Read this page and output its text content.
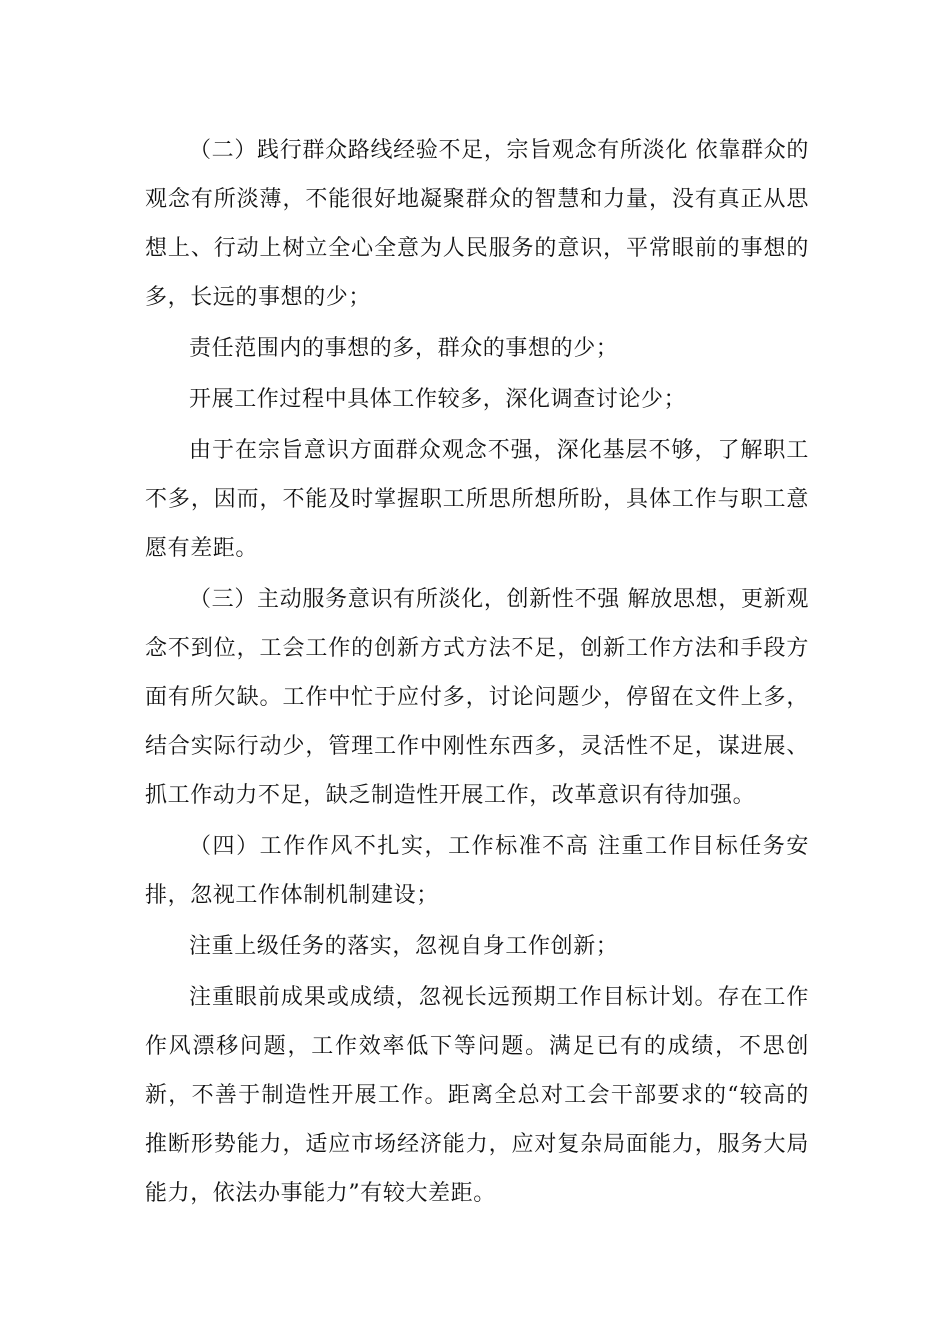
（二）践行群众路线经验不足，宗旨观念有所淡化 依靠群众的观念有所淡薄，不能很好地凝聚群众的智慧和力量，没有真正从思想上、行动上树立全心全意为人民服务的意识，平常眼前的事想的多，长远的事想的少；

责任范围内的事想的多，群众的事想的少；

开展工作过程中具体工作较多，深化调查讨论少；

由于在宗旨意识方面群众观念不强，深化基层不够，了解职工不多，因而，不能及时掌握职工所思所想所盼，具体工作与职工意愿有差距。

（三）主动服务意识有所淡化，创新性不强 解放思想，更新观念不到位，工会工作的创新方式方法不足，创新工作方法和手段方面有所欠缺。工作中忙于应付多，讨论问题少，停留在文件上多，结合实际行动少，管理工作中刚性东西多，灵活性不足，谋进展、抓工作动力不足，缺乏制造性开展工作，改革意识有待加强。

（四）工作作风不扎实，工作标准不高 注重工作目标任务安排，忽视工作体制机制建设；

注重上级任务的落实，忽视自身工作创新；

注重眼前成果或成绩，忽视长远预期工作目标计划。存在工作作风漂移问题，工作效率低下等问题。满足已有的成绩，不思创新，不善于制造性开展工作。距离全总对工会干部要求的“较高的推断形势能力，适应市场经济能力，应对复杂局面能力，服务大局能力，依法办事能力”有较大差距。
